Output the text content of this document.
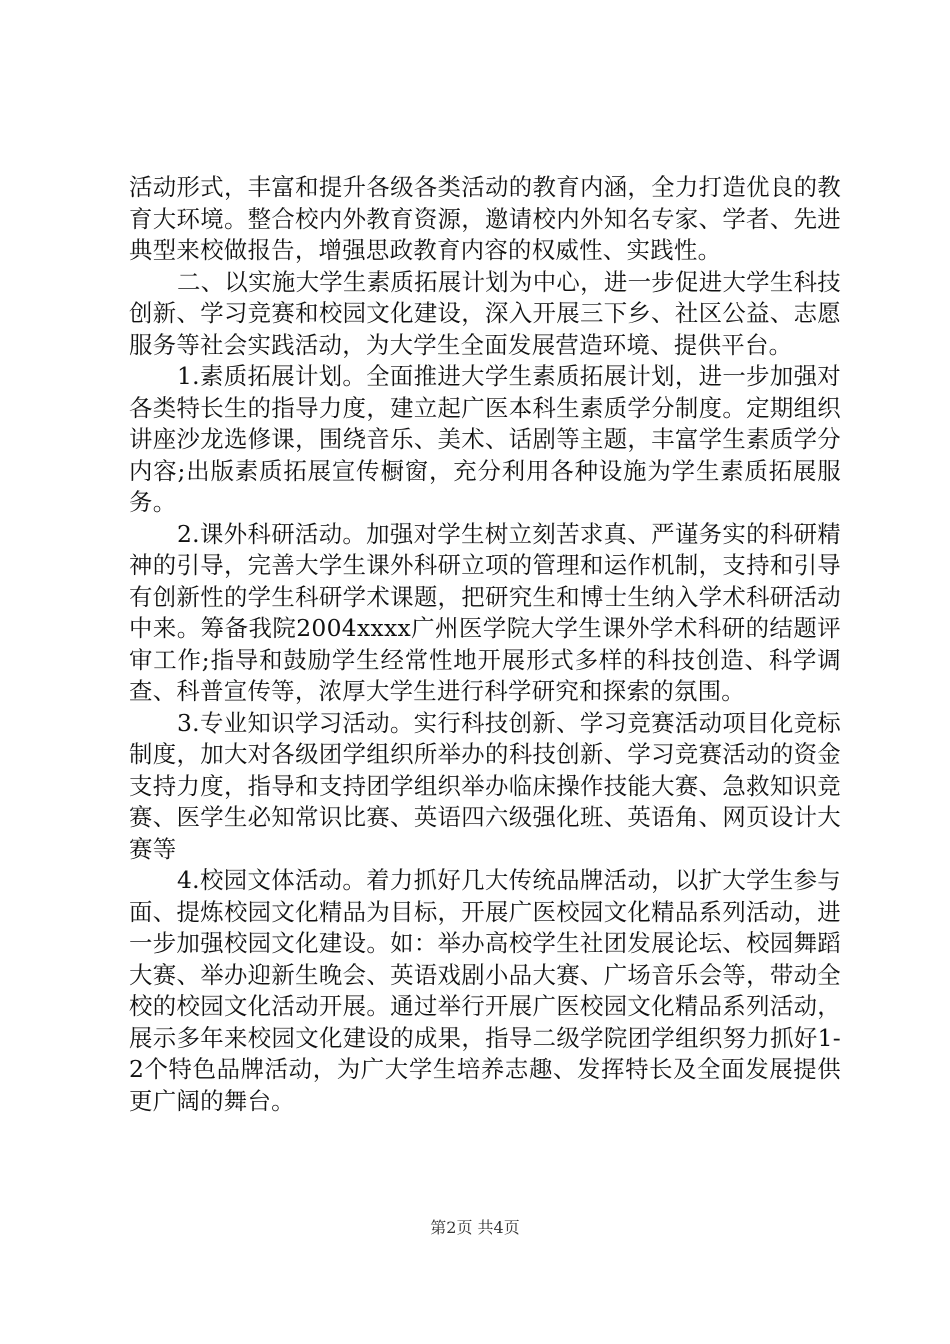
活动形式，丰富和提升各级各类活动的教育内涵，全力打造优良的教育大环境。整合校内外教育资源，邀请校内外知名专家、学者、先进典型来校做报告，增强思政教育内容的权威性、实践性。

二、以实施大学生素质拓展计划为中心，进一步促进大学生科技创新、学习竞赛和校园文化建设，深入开展三下乡、社区公益、志愿服务等社会实践活动，为大学生全面发展营造环境、提供平台。

1.素质拓展计划。全面推进大学生素质拓展计划，进一步加强对各类特长生的指导力度，建立起广医本科生素质学分制度。定期组织讲座沙龙选修课，围绕音乐、美术、话剧等主题，丰富学生素质学分内容;出版素质拓展宣传橱窗，充分利用各种设施为学生素质拓展服务。

2.课外科研活动。加强对学生树立刻苦求真、严谨务实的科研精神的引导，完善大学生课外科研立项的管理和运作机制，支持和引导有创新性的学生科研学术课题，把研究生和博士生纳入学术科研活动中来。筹备我院2004xxxx广州医学院大学生课外学术科研的结题评审工作;指导和鼓励学生经常性地开展形式多样的科技创造、科学调查、科普宣传等，浓厚大学生进行科学研究和探索的氛围。

3.专业知识学习活动。实行科技创新、学习竞赛活动项目化竞标制度，加大对各级团学组织所举办的科技创新、学习竞赛活动的资金支持力度，指导和支持团学组织举办临床操作技能大赛、急救知识竞赛、医学生必知常识比赛、英语四六级强化班、英语角、网页设计大赛等

4.校园文体活动。着力抓好几大传统品牌活动，以扩大学生参与面、提炼校园文化精品为目标，开展广医校园文化精品系列活动，进一步加强校园文化建设。如：举办高校学生社团发展论坛、校园舞蹈大赛、举办迎新生晚会、英语戏剧小品大赛、广场音乐会等，带动全校的校园文化活动开展。通过举行开展广医校园文化精品系列活动，展示多年来校园文化建设的成果，指导二级学院团学组织努力抓好1-2个特色品牌活动，为广大学生培养志趣、发挥特长及全面发展提供更广阔的舞台。

第2页 共4页
